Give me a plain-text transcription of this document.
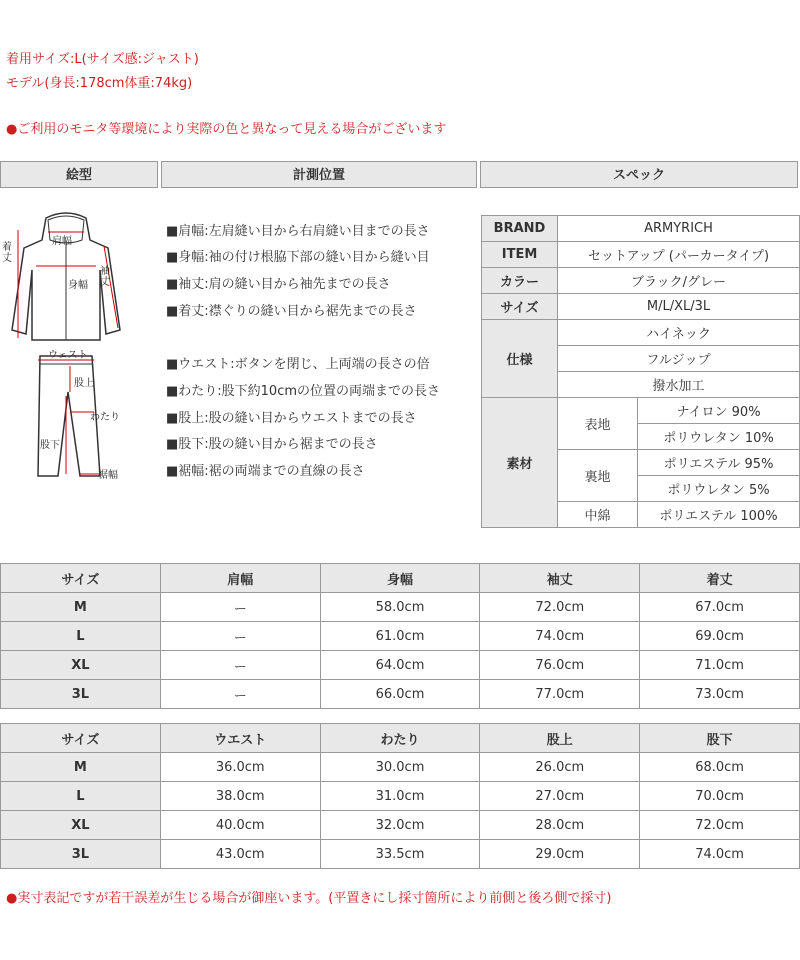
着用サイズ:L(サイズ感:ジャスト)
モデル(身長:178cm体重:74kg)
●ご利用のモニタ等環境により実際の色と異なって見える場合がございます
絵型	計測位置	スペック
肩幅
着丈
身幅
袖丈
ウェスト
股上
わたり
股下
裾幅
■肩幅:左肩縫い目から右肩縫い目までの長さ
■身幅:袖の付け根脇下部の縫い目から縫い目
■袖丈:肩の縫い目から袖先までの長さ
■着丈:襟ぐりの縫い目から裾先までの長さ
■ウエスト:ボタンを閉じ、上両端の長さの倍
■わたり:股下約10cmの位置の両端までの長さ
■股上:股の縫い目からウエストまでの長さ
■股下:股の縫い目から裾までの長さ
■裾幅:裾の両端までの直線の長さ
BRAND	ARMYRICH	
ITEM	セットアップ (パーカータイプ)	
カラー	ブラック/グレー	
サイズ	M/L/XL/3L	
仕様	ハイネック	
	フルジップ	
	撥水加工	
素材	表地	ナイロン 90%
		ポリウレタン 10%
	裏地	ポリエステル 95%
		ポリウレタン 5%
	中綿	ポリエステル 100%
サイズ	肩幅	身幅	袖丈	着丈
M	ー	58.0cm	72.0cm	67.0cm
L	ー	61.0cm	74.0cm	69.0cm
XL	ー	64.0cm	76.0cm	71.0cm
3L	ー	66.0cm	77.0cm	73.0cm
サイズ	ウエスト	わたり	股上	股下
M	36.0cm	30.0cm	26.0cm	68.0cm
L	38.0cm	31.0cm	27.0cm	70.0cm
XL	40.0cm	32.0cm	28.0cm	72.0cm
3L	43.0cm	33.5cm	29.0cm	74.0cm
●実寸表記ですが若干誤差が生じる場合が御座います。(平置きにし採寸箇所により前側と後ろ側で採寸)
